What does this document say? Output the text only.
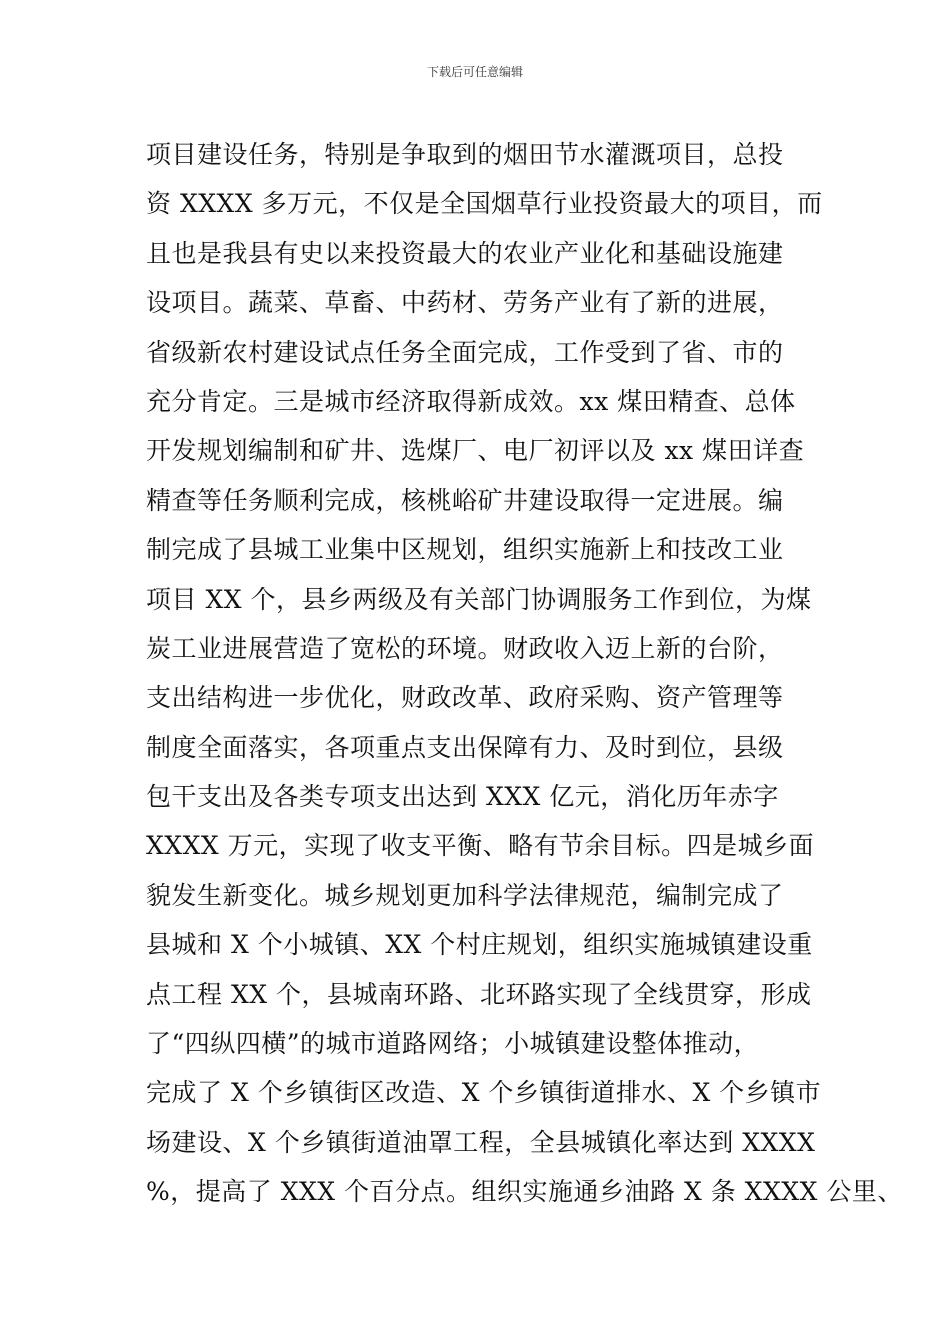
下载后可任意编辑
项目建设任务，特别是争取到的烟田节水灌溉项目，总投
资 XXXX 多万元，不仅是全国烟草行业投资最大的项目，而
且也是我县有史以来投资最大的农业产业化和基础设施建
设项目。蔬菜、草畜、中药材、劳务产业有了新的进展，
省级新农村建设试点任务全面完成，工作受到了省、市的
充分肯定。三是城市经济取得新成效。xx 煤田精查、总体
开发规划编制和矿井、选煤厂、电厂初评以及 xx 煤田详查
精查等任务顺利完成，核桃峪矿井建设取得一定进展。编
制完成了县城工业集中区规划，组织实施新上和技改工业
项目 XX 个，县乡两级及有关部门协调服务工作到位，为煤
炭工业进展营造了宽松的环境。财政收入迈上新的台阶，
支出结构进一步优化，财政改革、政府采购、资产管理等
制度全面落实，各项重点支出保障有力、及时到位，县级
包干支出及各类专项支出达到 XXX 亿元，消化历年赤字
XXXX 万元，实现了收支平衡、略有节余目标。四是城乡面
貌发生新变化。城乡规划更加科学法律规范，编制完成了
县城和 X 个小城镇、XX 个村庄规划，组织实施城镇建设重
点工程 XX 个，县城南环路、北环路实现了全线贯穿，形成
了“四纵四横”的城市道路网络；小城镇建设整体推动，
完成了 X 个乡镇街区改造、X 个乡镇街道排水、X 个乡镇市
场建设、X 个乡镇街道油罩工程，全县城镇化率达到 XXXX
%，提高了 XXX 个百分点。组织实施通乡油路 X 条 XXXX 公里、
